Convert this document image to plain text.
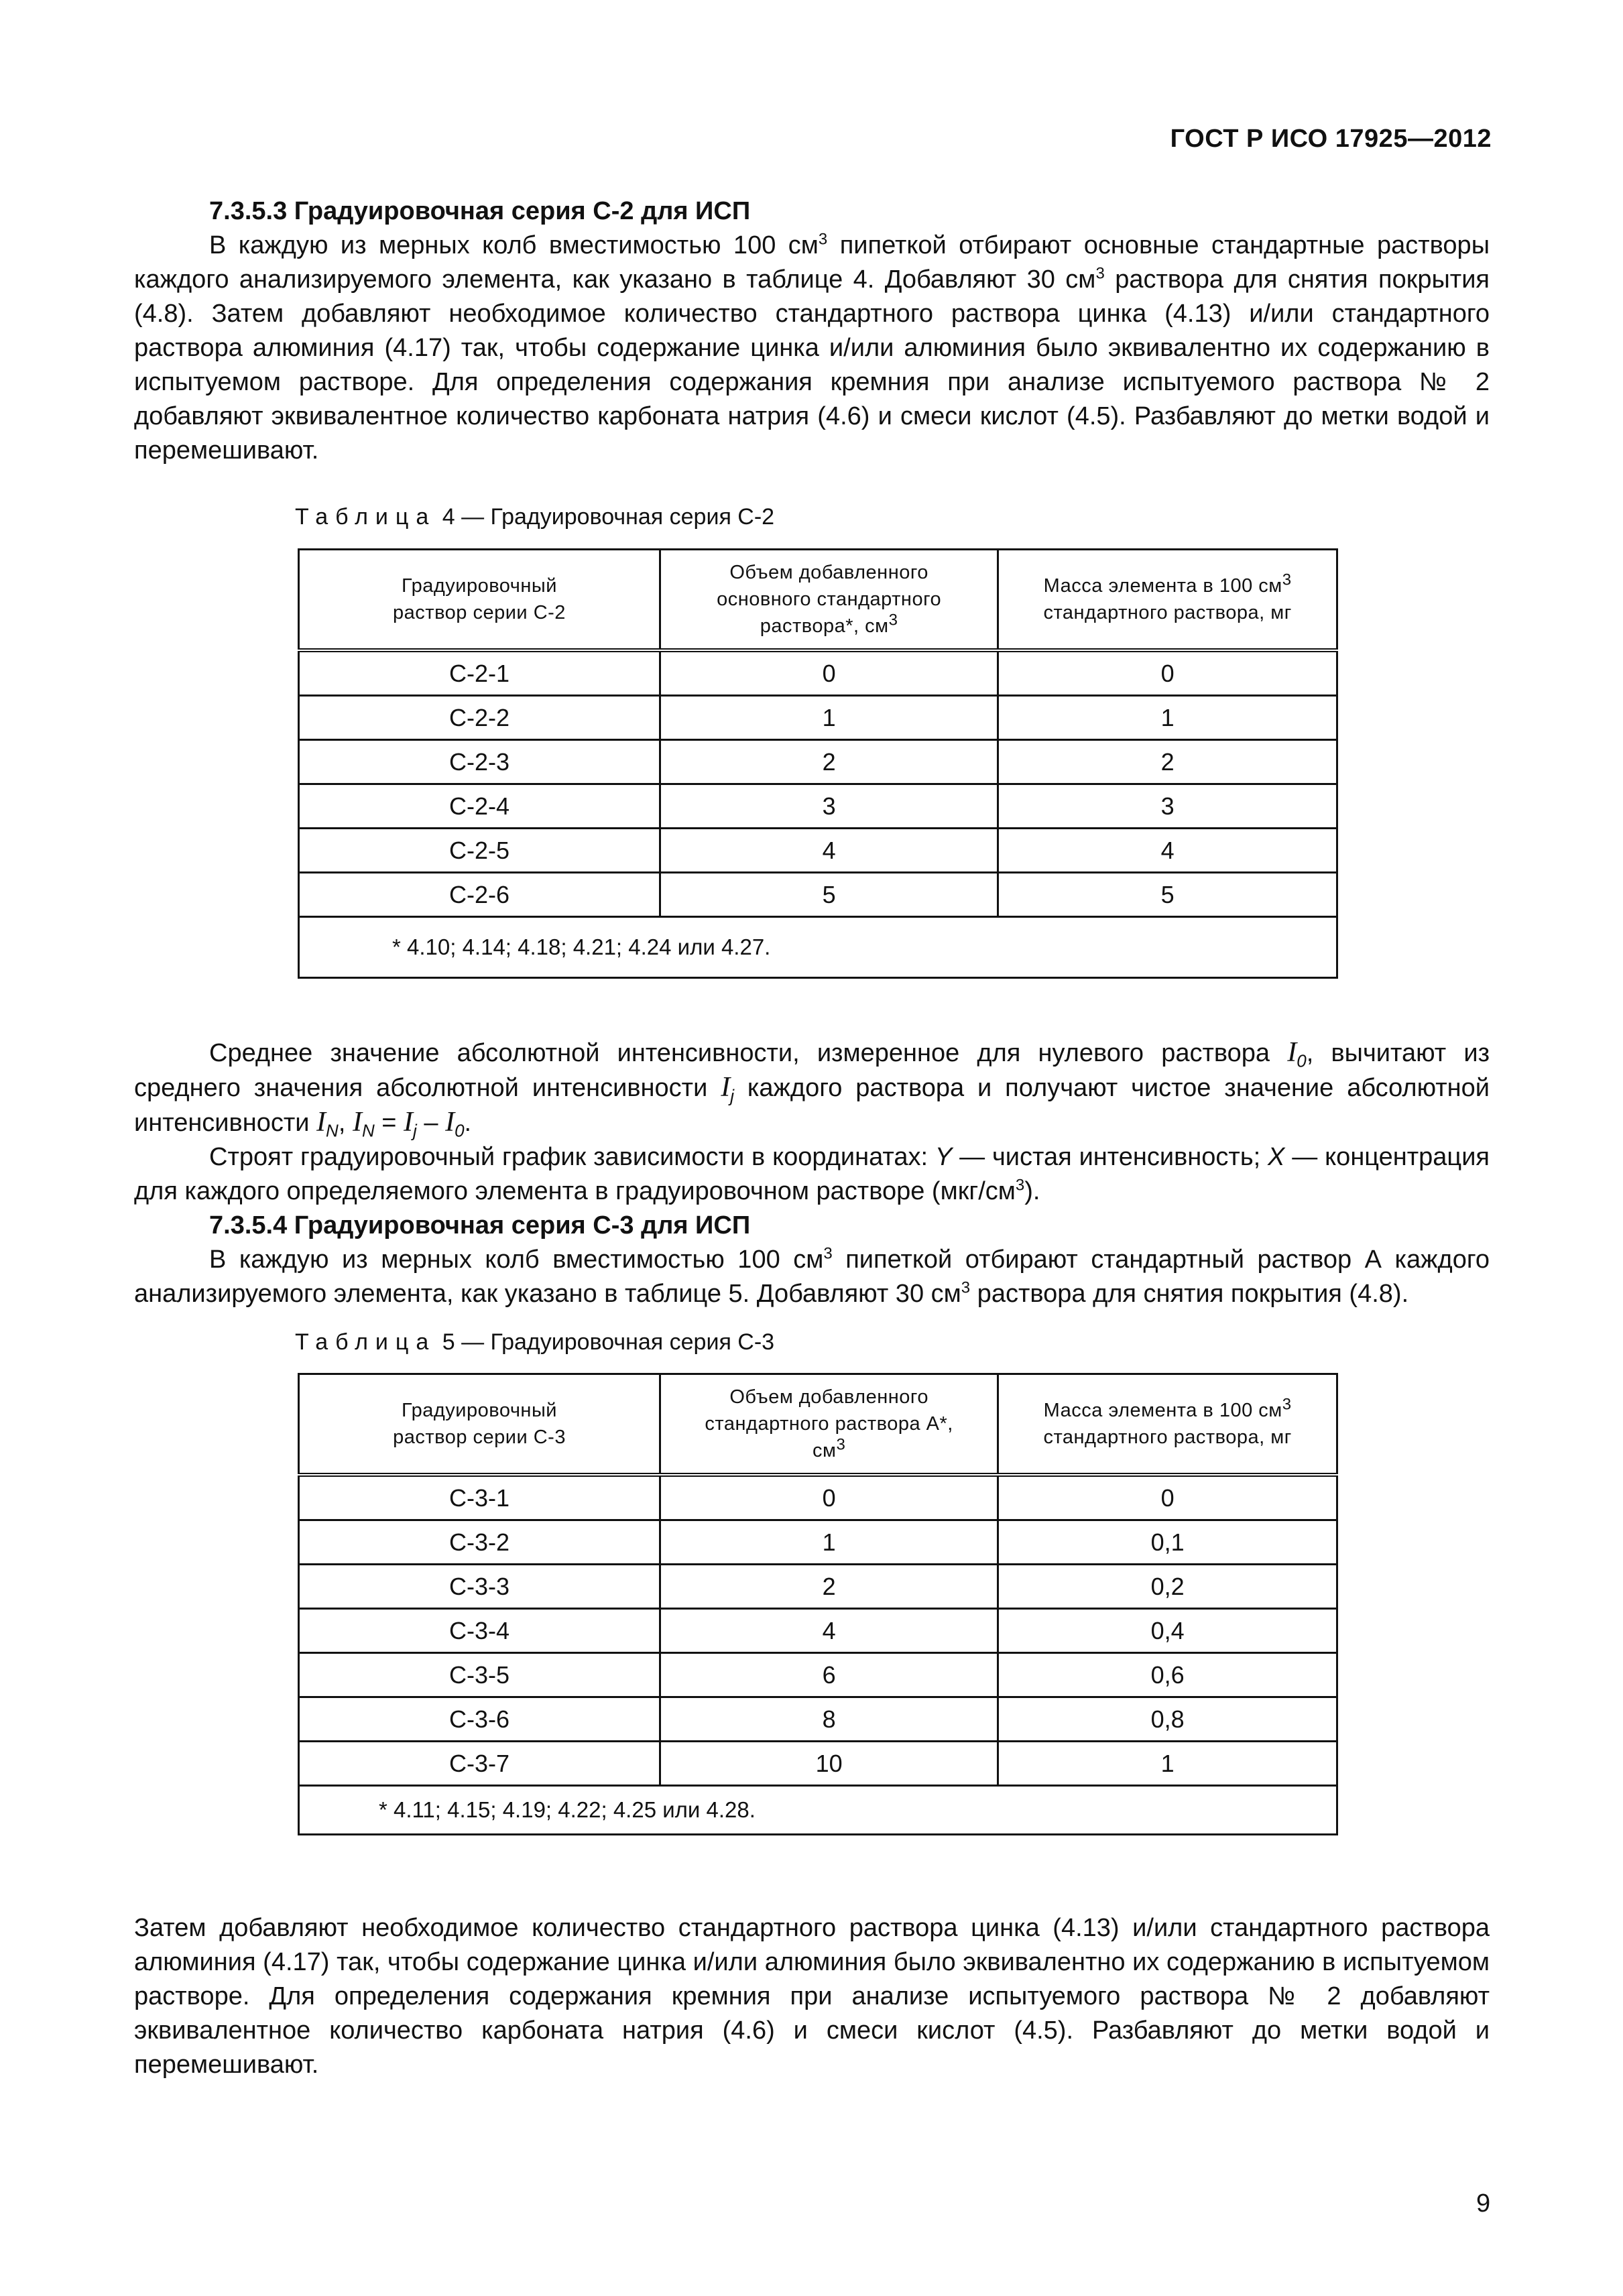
ГОСТ Р ИСО 17925—2012

7.3.5.3 Градуировочная серия С-2 для ИСП

В каждую из мерных колб вместимостью 100 $см^3$ пипеткой отбирают основные стандартные растворы каждого анализируемого элемента, как указано в таблице 4. Добавляют 30 $см^3$ раствора для снятия покрытия (4.8). Затем добавляют необходимое количество стандартного раствора цинка (4.13) и/или стандартного раствора алюминия (4.17) так, чтобы содержание цинка и/или алюминия было эквивалентно их содержанию в испытуемом растворе. Для определения содержания кремния при анализе испытуемого раствора № 2 добавляют эквивалентное количество карбоната натрия (4.6) и смеси кислот (4.5). Разбавляют до метки водой и перемешивают.

Таблица 4 — Градуировочная серия С-2
Градуировочный раствор серии С-2	Объем добавленного основного стандартного раствора*, $см^3$	Масса элемента в 100 $см^3$ стандартного раствора, мг
С-2-1	0	0
С-2-2	1	1
С-2-3	2	2
С-2-4	3	3
С-2-5	4	4
С-2-6	5	5
* 4.10; 4.14; 4.18; 4.21; 4.24 или 4.27.		

Среднее значение абсолютной интенсивности, измеренное для нулевого раствора $I_0$, вычитают из среднего значения абсолютной интенсивности $I_j$ каждого раствора и получают чистое значение абсолютной интенсивности $I_N$, $I_N = I_j - I_0$.

Строят градуировочный график зависимости в координатах: Y — чистая интенсивность; X — концентрация для каждого определяемого элемента в градуировочном растворе $(мкг/см^3)$.

7.3.5.4 Градуировочная серия С-3 для ИСП

В каждую из мерных колб вместимостью 100 $см^3$ пипеткой отбирают стандартный раствор А каждого анализируемого элемента, как указано в таблице 5. Добавляют 30 $см^3$ раствора для снятия покрытия (4.8).

Таблица 5 — Градуировочная серия С-3
Градуировочный раствор серии С-3	Объем добавленного стандартного раствора А*, $см^3$	Масса элемента в 100 $см^3$ стандартного раствора, мг
С-3-1	0	0
С-3-2	1	0,1
С-3-3	2	0,2
С-3-4	4	0,4
С-3-5	6	0,6
С-3-6	8	0,8
С-3-7	10	1
* 4.11; 4.15; 4.19; 4.22; 4.25 или 4.28.		

Затем добавляют необходимое количество стандартного раствора цинка (4.13) и/или стандартного раствора алюминия (4.17) так, чтобы содержание цинка и/или алюминия было эквивалентно их содержанию в испытуемом растворе. Для определения содержания кремния при анализе испытуемого раствора № 2 добавляют эквивалентное количество карбоната натрия (4.6) и смеси кислот (4.5). Разбавляют до метки водой и перемешивают.

9
